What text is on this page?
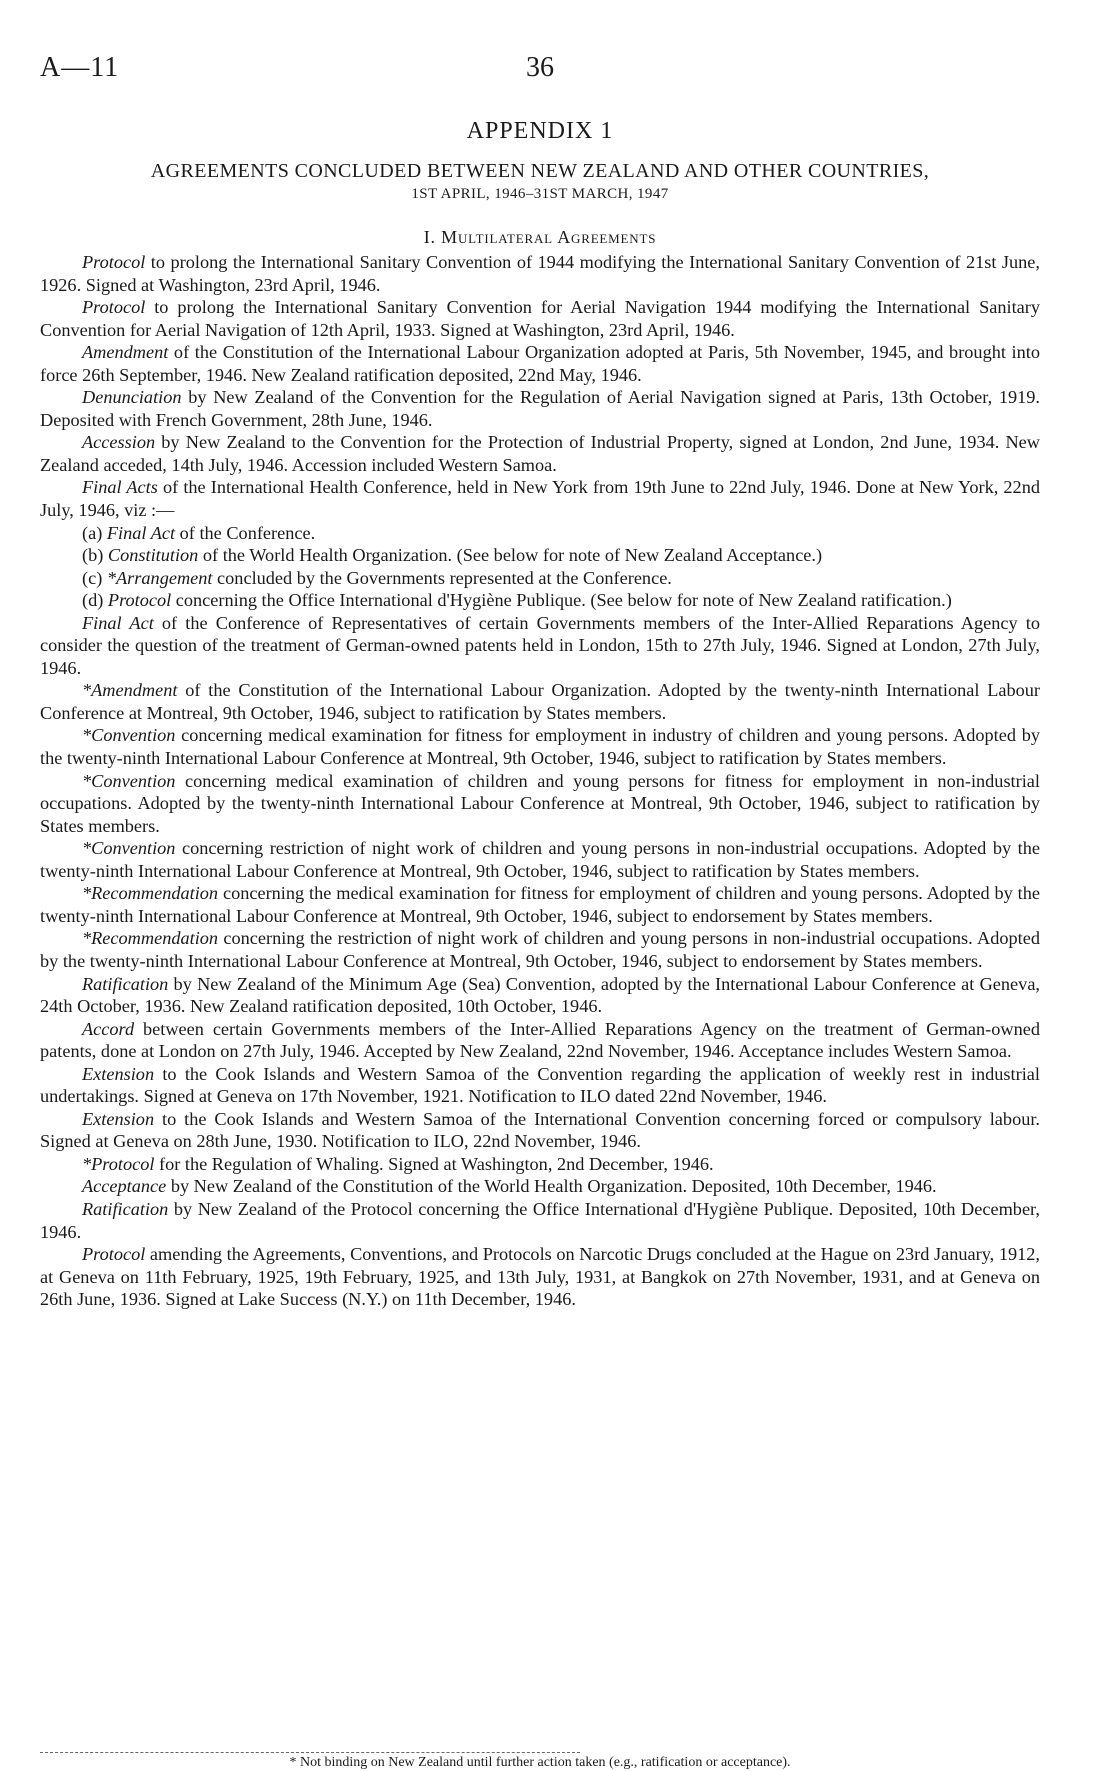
A—11	36
APPENDIX 1
AGREEMENTS CONCLUDED BETWEEN NEW ZEALAND AND OTHER COUNTRIES,
1ST APRIL, 1946–31ST MARCH, 1947
I. Multilateral Agreements

Protocol to prolong the International Sanitary Convention of 1944 modifying the International Sanitary Convention of 21st June, 1926. Signed at Washington, 23rd April, 1946.

Protocol to prolong the International Sanitary Convention for Aerial Navigation 1944 modifying the International Sanitary Convention for Aerial Navigation of 12th April, 1933. Signed at Washington, 23rd April, 1946.

Amendment of the Constitution of the International Labour Organization adopted at Paris, 5th November, 1945, and brought into force 26th September, 1946. New Zealand ratification deposited, 22nd May, 1946.

Denunciation by New Zealand of the Convention for the Regulation of Aerial Navigation signed at Paris, 13th October, 1919. Deposited with French Government, 28th June, 1946.

Accession by New Zealand to the Convention for the Protection of Industrial Property, signed at London, 2nd June, 1934. New Zealand acceded, 14th July, 1946. Accession included Western Samoa.

Final Acts of the International Health Conference, held in New York from 19th June to 22nd July, 1946. Done at New York, 22nd July, 1946, viz :—

(a) Final Act of the Conference.

(b) Constitution of the World Health Organization. (See below for note of New Zealand Acceptance.)

(c) *Arrangement concluded by the Governments represented at the Conference.

(d) Protocol concerning the Office International d'Hygiène Publique. (See below for note of New Zealand ratification.)

Final Act of the Conference of Representatives of certain Governments members of the Inter-Allied Reparations Agency to consider the question of the treatment of German-owned patents held in London, 15th to 27th July, 1946. Signed at London, 27th July, 1946.

*Amendment of the Constitution of the International Labour Organization. Adopted by the twenty-ninth International Labour Conference at Montreal, 9th October, 1946, subject to ratification by States members.

*Convention concerning medical examination for fitness for employment in industry of children and young persons. Adopted by the twenty-ninth International Labour Conference at Montreal, 9th October, 1946, subject to ratification by States members.

*Convention concerning medical examination of children and young persons for fitness for employment in non-industrial occupations. Adopted by the twenty-ninth International Labour Conference at Montreal, 9th October, 1946, subject to ratification by States members.

*Convention concerning restriction of night work of children and young persons in non-industrial occupations. Adopted by the twenty-ninth International Labour Conference at Montreal, 9th October, 1946, subject to ratification by States members.

*Recommendation concerning the medical examination for fitness for employment of children and young persons. Adopted by the twenty-ninth International Labour Conference at Montreal, 9th October, 1946, subject to endorsement by States members.

*Recommendation concerning the restriction of night work of children and young persons in non-industrial occupations. Adopted by the twenty-ninth International Labour Conference at Montreal, 9th October, 1946, subject to endorsement by States members.

Ratification by New Zealand of the Minimum Age (Sea) Convention, adopted by the International Labour Conference at Geneva, 24th October, 1936. New Zealand ratification deposited, 10th October, 1946.

Accord between certain Governments members of the Inter-Allied Reparations Agency on the treatment of German-owned patents, done at London on 27th July, 1946. Accepted by New Zealand, 22nd November, 1946. Acceptance includes Western Samoa.

Extension to the Cook Islands and Western Samoa of the Convention regarding the application of weekly rest in industrial undertakings. Signed at Geneva on 17th November, 1921. Notification to ILO dated 22nd November, 1946.

Extension to the Cook Islands and Western Samoa of the International Convention concerning forced or compulsory labour. Signed at Geneva on 28th June, 1930. Notification to ILO, 22nd November, 1946.

*Protocol for the Regulation of Whaling. Signed at Washington, 2nd December, 1946.

Acceptance by New Zealand of the Constitution of the World Health Organization. Deposited, 10th December, 1946.

Ratification by New Zealand of the Protocol concerning the Office International d'Hygiène Publique. Deposited, 10th December, 1946.

Protocol amending the Agreements, Conventions, and Protocols on Narcotic Drugs concluded at the Hague on 23rd January, 1912, at Geneva on 11th February, 1925, 19th February, 1925, and 13th July, 1931, at Bangkok on 27th November, 1931, and at Geneva on 26th June, 1936. Signed at Lake Success (N.Y.) on 11th December, 1946.

* Not binding on New Zealand until further action taken (e.g., ratification or acceptance).
